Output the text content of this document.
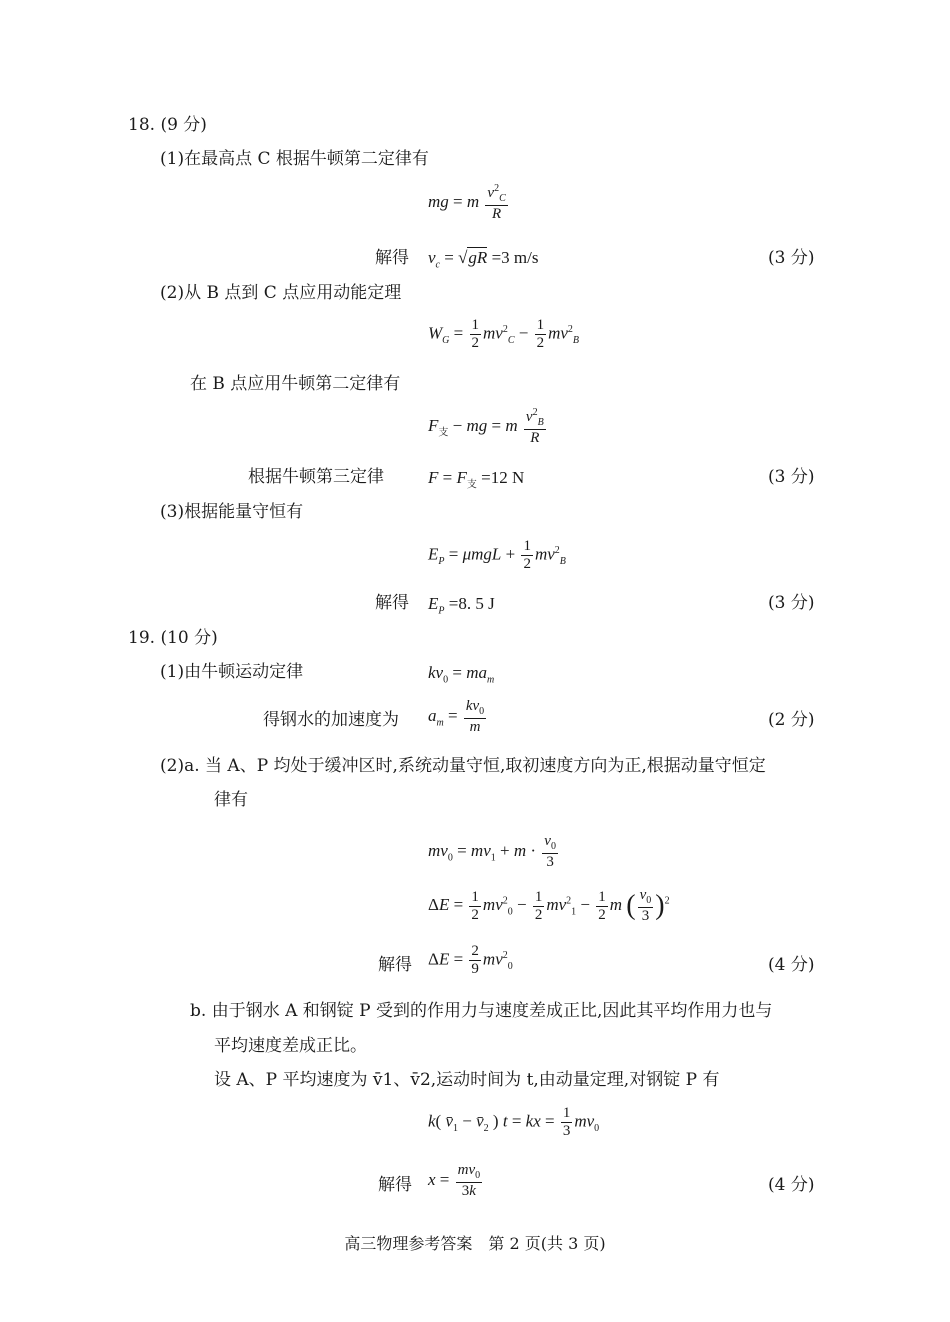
18. (9 分)
(1)在最高点 C 根据牛顿第二定律有
mg = m $\frac{v^2_C}{R}$
解得 $v_c = √gR =3$ m/s	(3 分)
(2)从 B 点到 C 点应用动能定理
$W_G = \frac{1}{2} mv^2_C - \frac{1}{2} mv^2_B$
在 B 点应用牛顿第二定律有
$F_支$ − mg = m $\frac{v^2_B}{R}$
根据牛顿第三定律	$F = F_支 =12$ N	(3 分)
(3)根据能量守恒有
$E_P = \mu mgL + \frac{1}{2} mv^2_B$
解得 $E_P =8$. 5 J	(3 分)
19. (10 分)
(1)由牛顿运动定律	$kv_0 = ma_m$
得钢水的加速度为 $a_m = \frac{kv_0}{m}$	(2 分)
(2)a. 当 A、P 均处于缓冲区时,系统动量守恒,取初速度方向为正,根据动量守恒定
律有
$mv_0 = mv_1 + m \cdot \frac{v_0}{3}$
$\Delta E = \frac{1}{2} mv^2_0 - \frac{1}{2} mv^2_1 - \frac{1}{2}$ m ( $\frac{v_0}{3} )^2$
解得 $\Delta E = \frac{2}{9} mv^2_0$	(4 分)
b. 由于钢水 A 和钢锭 P 受到的作用力与速度差成正比,因此其平均作用力也与
平均速度差成正比。
设 A、P 平均速度为 v̄1、v̄2,运动时间为 t,由动量定理,对钢锭 P 有
k( $v̄_1$ − $v̄_2$ ) t = kx = $\frac{1}{3} mv_0$
解得 $x = \frac{mv_0}{3k}$	(4 分)
高三物理参考答案　第 2 页(共 3 页)
